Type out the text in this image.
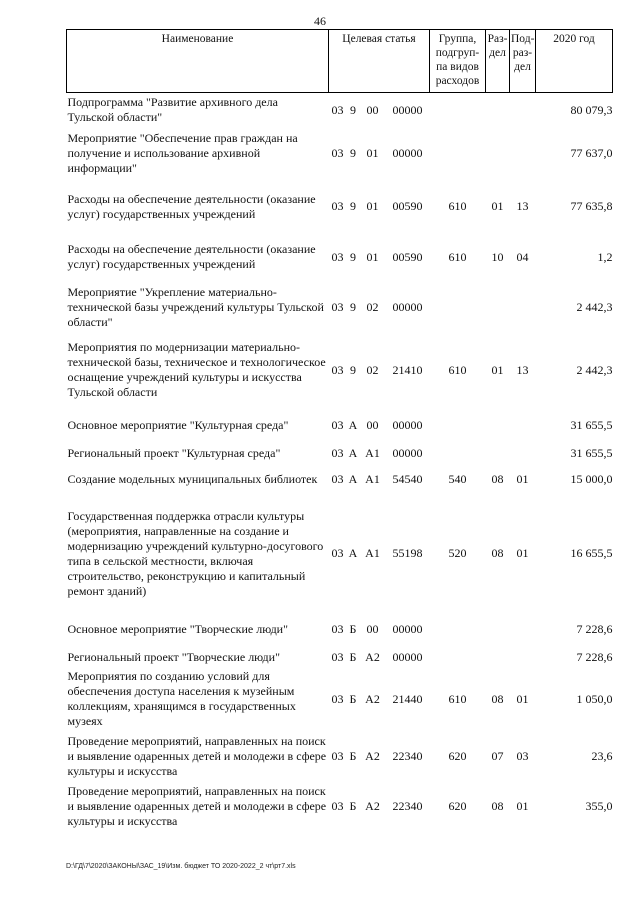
46
Наименование	Целевая статья				Группа, подгруп-па видов расходов	Раз-дел	Под-раз-дел	2020 год
Подпрограмма "Развитие архивного дела Тульской области"	03	9	00	00000				80 079,3
Мероприятие "Обеспечение прав граждан на получение и использование архивной информации"	03	9	01	00000				77 637,0
Расходы на обеспечение деятельности (оказание услуг) государственных учреждений	03	9	01	00590	610	01	13	77 635,8
Расходы на обеспечение деятельности (оказание услуг) государственных учреждений	03	9	01	00590	610	10	04	1,2
Мероприятие "Укрепление материально-технической базы учреждений культуры Тульской области"	03	9	02	00000				2 442,3
Мероприятия по модернизации материально-технической базы, техническое и технологическое оснащение учреждений культуры и искусства Тульской области	03	9	02	21410	610	01	13	2 442,3
Основное мероприятие "Культурная среда"	03	А	00	00000				31 655,5
Региональный проект "Культурная среда"	03	А	А1	00000				31 655,5
Создание модельных муниципальных библиотек	03	А	А1	54540	540	08	01	15 000,0
Государственная поддержка отрасли культуры (мероприятия, направленные на создание и модернизацию учреждений культурно-досугового типа в сельской местности, включая строительство, реконструкцию и капитальный ремонт зданий)	03	А	А1	55198	520	08	01	16 655,5
Основное мероприятие "Творческие люди"	03	Б	00	00000				7 228,6
Региональный проект "Творческие люди"	03	Б	А2	00000				7 228,6
Мероприятия по созданию условий для обеспечения доступа населения к музейным коллекциям, хранящимся в государственных музеях	03	Б	А2	21440	610	08	01	1 050,0
Проведение мероприятий, направленных на поиск и выявление одаренных детей и молодежи в сфере культуры и искусства	03	Б	А2	22340	620	07	03	23,6
Проведение мероприятий, направленных на поиск и выявление одаренных детей и молодежи в сфере культуры и искусства	03	Б	А2	22340	620	08	01	355,0
D:\ГД\7\2020\ЗАКОНЫ\ЗАС_19\Изм. бюджет ТО 2020-2022_2 чт\рт7.xls
